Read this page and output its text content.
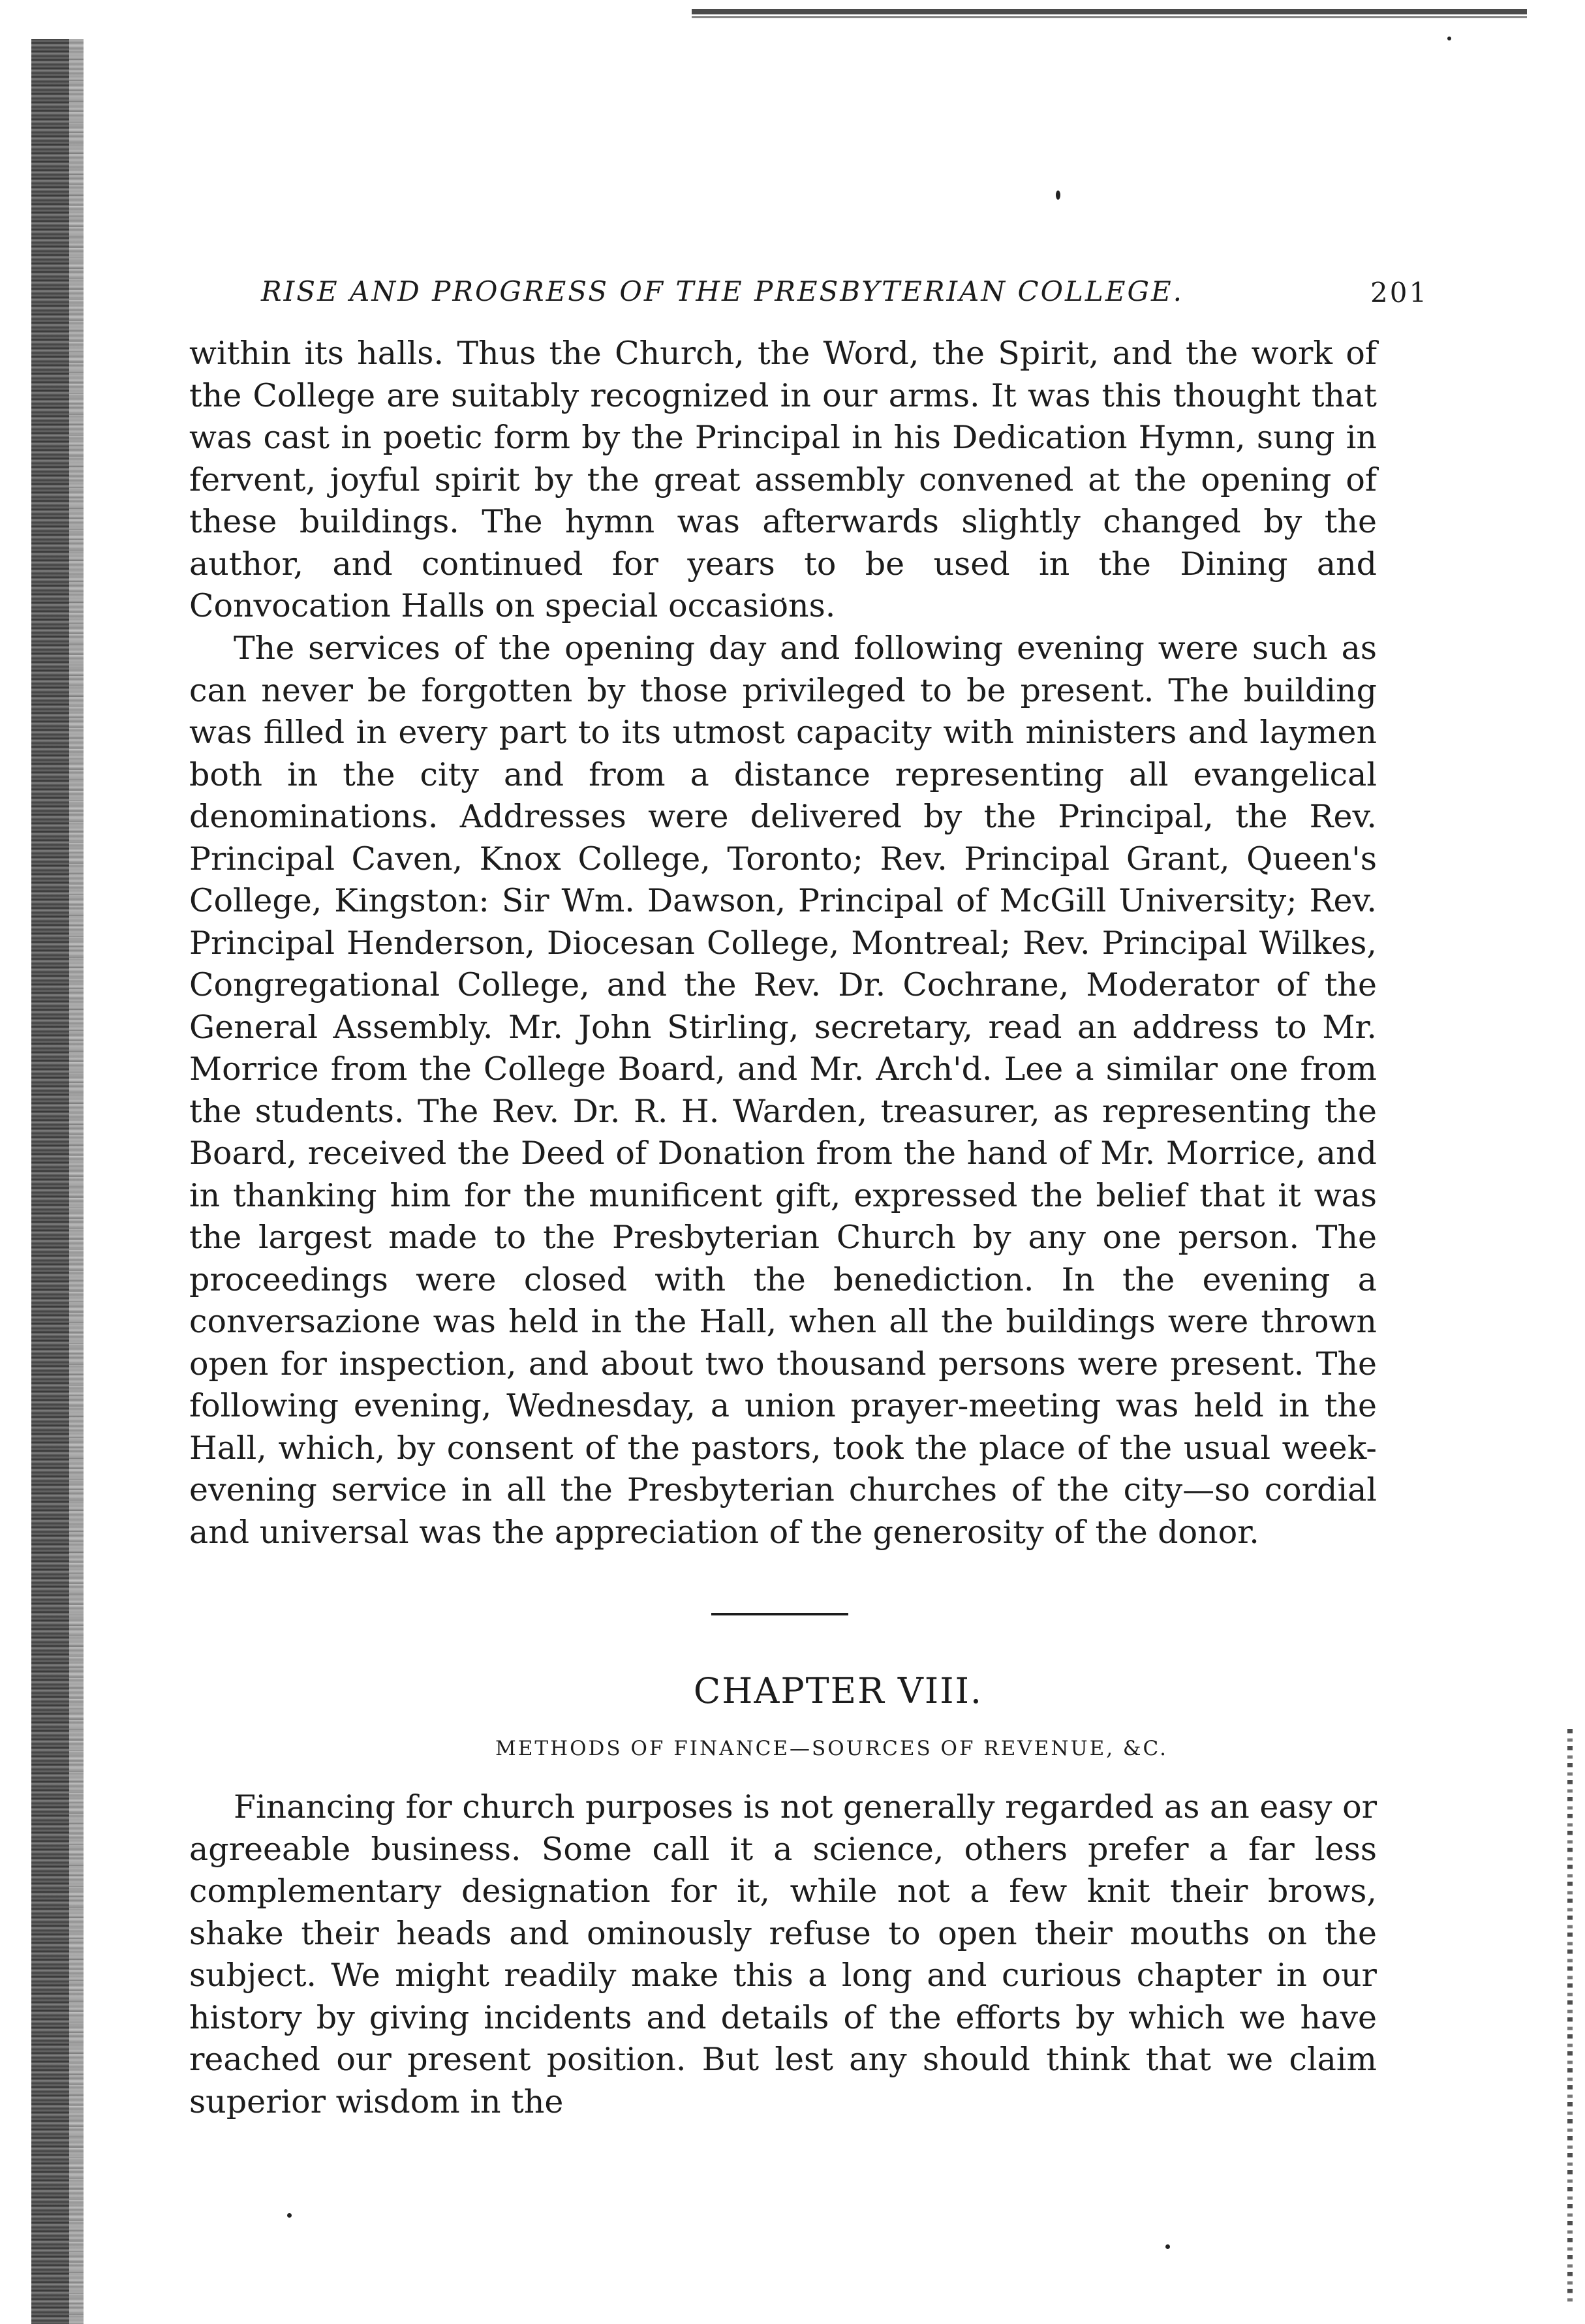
RISE AND PROGRESS OF THE PRESBYTERIAN COLLEGE.	201
within its halls. Thus the Church, the Word, the Spirit, and the work of the College are suitably recognized in our arms. It was this thought that was cast in poetic form by the Principal in his Dedication Hymn, sung in fervent, joyful spirit by the great assembly convened at the opening of these buildings. The hymn was afterwards slightly changed by the author, and continued for years to be used in the Dining and Convocation Halls on special occasions.
The services of the opening day and following evening were such as can never be forgotten by those privileged to be present. The building was filled in every part to its utmost capacity with ministers and laymen both in the city and from a distance representing all evangelical denominations. Addresses were delivered by the Principal, the Rev. Principal Caven, Knox College, Toronto; Rev. Principal Grant, Queen's College, Kingston: Sir Wm. Dawson, Principal of McGill University; Rev. Principal Henderson, Diocesan College, Montreal; Rev. Principal Wilkes, Congregational College, and the Rev. Dr. Cochrane, Moderator of the General Assembly. Mr. John Stirling, secretary, read an address to Mr. Morrice from the College Board, and Mr. Arch'd. Lee a similar one from the students. The Rev. Dr. R. H. Warden, treasurer, as representing the Board, received the Deed of Donation from the hand of Mr. Morrice, and in thanking him for the munificent gift, expressed the belief that it was the largest made to the Presbyterian Church by any one person. The proceedings were closed with the benediction. In the evening a conversazione was held in the Hall, when all the buildings were thrown open for inspection, and about two thousand persons were present. The following evening, Wednesday, a union prayer-meeting was held in the Hall, which, by consent of the pastors, took the place of the usual week-evening service in all the Presbyterian churches of the city—so cordial and universal was the appreciation of the generosity of the donor.
CHAPTER VIII.
METHODS OF FINANCE—SOURCES OF REVENUE, &C.
Financing for church purposes is not generally regarded as an easy or agreeable business. Some call it a science, others prefer a far less complementary designation for it, while not a few knit their brows, shake their heads and ominously refuse to open their mouths on the subject. We might readily make this a long and curious chapter in our history by giving incidents and details of the efforts by which we have reached our present position. But lest any should think that we claim superior wisdom in the
